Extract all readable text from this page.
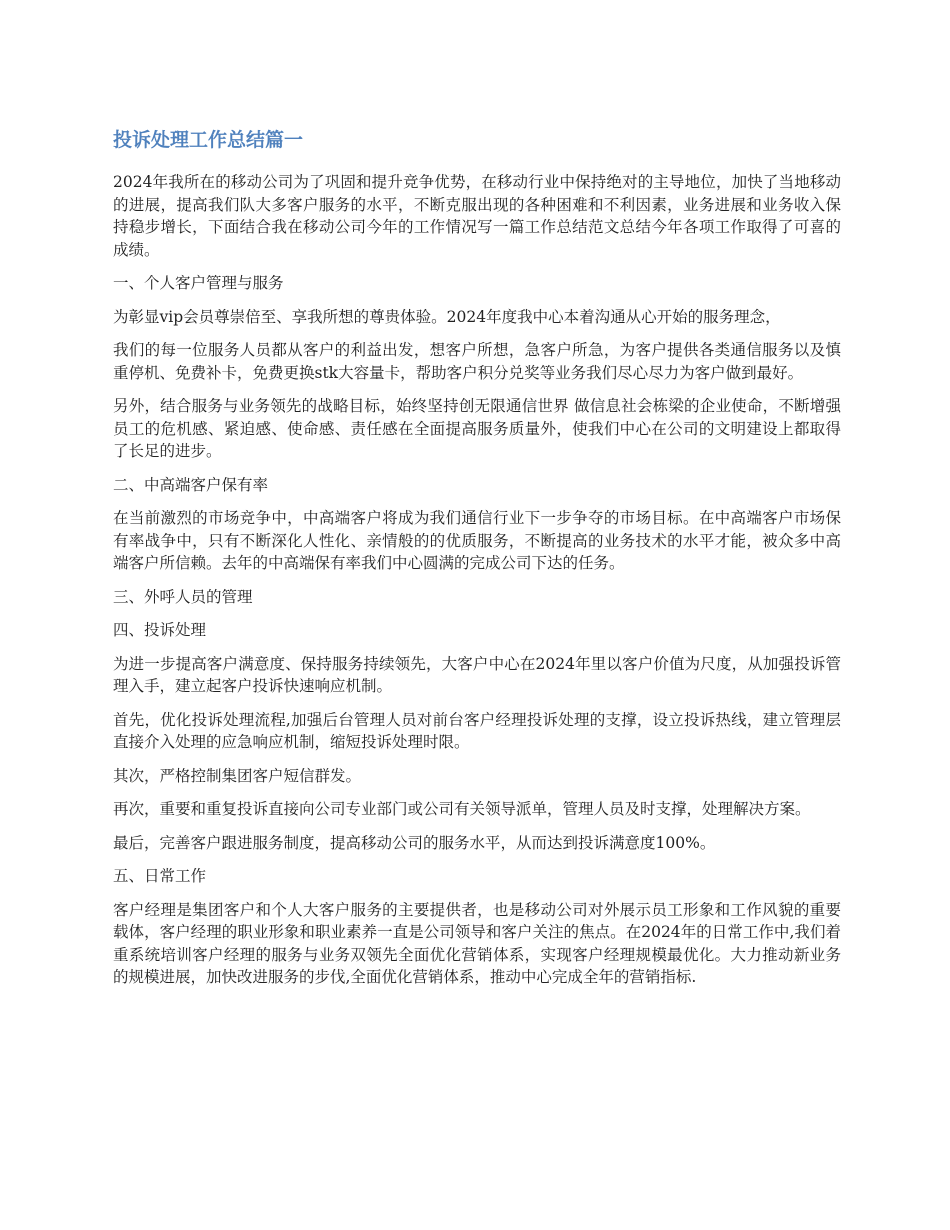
投诉处理工作总结篇一

2024年我所在的移动公司为了巩固和提升竞争优势，在移动行业中保持绝对的主导地位，加快了当地移动的进展，提高我们队大多客户服务的水平，不断克服出现的各种困难和不利因素，业务进展和业务收入保持稳步增长，下面结合我在移动公司今年的工作情况写一篇工作总结范文总结今年各项工作取得了可喜的成绩。

一、个人客户管理与服务

为彰显vip会员尊崇倍至、享我所想的尊贵体验。2024年度我中心本着沟通从心开始的服务理念，

我们的每一位服务人员都从客户的利益出发，想客户所想，急客户所急，为客户提供各类通信服务以及慎重停机、免费补卡，免费更换stk大容量卡，帮助客户积分兑奖等业务我们尽心尽力为客户做到最好。

另外，结合服务与业务领先的战略目标，始终坚持创无限通信世界 做信息社会栋梁的企业使命，不断增强员工的危机感、紧迫感、使命感、责任感在全面提高服务质量外，使我们中心在公司的文明建设上都取得了长足的进步。

二、中高端客户保有率

在当前激烈的市场竞争中，中高端客户将成为我们通信行业下一步争夺的市场目标。在中高端客户市场保有率战争中，只有不断深化人性化、亲情般的的优质服务，不断提高的业务技术的水平才能，被众多中高端客户所信赖。去年的中高端保有率我们中心圆满的完成公司下达的任务。

三、外呼人员的管理

四、投诉处理

为进一步提高客户满意度、保持服务持续领先，大客户中心在2024年里以客户价值为尺度，从加强投诉管理入手，建立起客户投诉快速响应机制。

首先，优化投诉处理流程,加强后台管理人员对前台客户经理投诉处理的支撑，设立投诉热线，建立管理层直接介入处理的应急响应机制，缩短投诉处理时限。

其次，严格控制集团客户短信群发。

再次，重要和重复投诉直接向公司专业部门或公司有关领导派单，管理人员及时支撑，处理解决方案。

最后，完善客户跟进服务制度，提高移动公司的服务水平，从而达到投诉满意度100%。

五、日常工作

客户经理是集团客户和个人大客户服务的主要提供者，也是移动公司对外展示员工形象和工作风貌的重要载体，客户经理的职业形象和职业素养一直是公司领导和客户关注的焦点。在2024年的日常工作中,我们着重系统培训客户经理的服务与业务双领先全面优化营销体系，实现客户经理规模最优化。大力推动新业务的规模进展，加快改进服务的步伐,全面优化营销体系，推动中心完成全年的营销指标.
